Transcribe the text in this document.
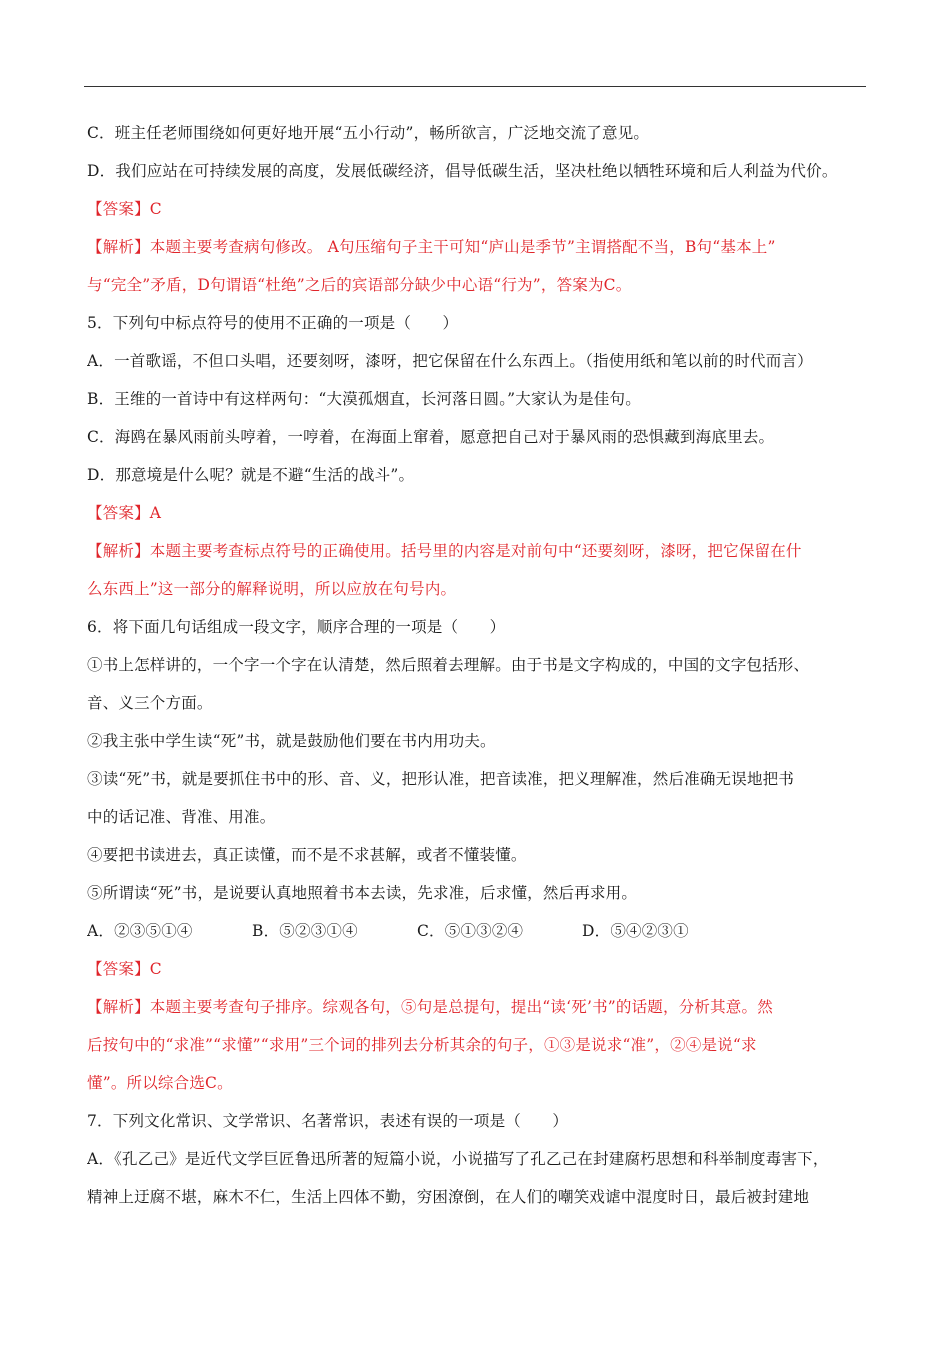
C．班主任老师围绕如何更好地开展“五小行动”，畅所欲言，广泛地交流了意见。
D．我们应站在可持续发展的高度，发展低碳经济，倡导低碳生活，坚决杜绝以牺牲环境和后人利益为代价。
【答案】C
【解析】本题主要考查病句修改。 A句压缩句子主干可知“庐山是季节”主谓搭配不当，B句“基本上”
与“完全”矛盾，D句谓语“杜绝”之后的宾语部分缺少中心语“行为”，答案为C。
5．下列句中标点符号的使用不正确的一项是（　　）
A．一首歌谣，不但口头唱，还要刻呀，漆呀，把它保留在什么东西上。（指使用纸和笔以前的时代而言）
B．王维的一首诗中有这样两句：“大漠孤烟直，长河落日圆。”大家认为是佳句。
C．海鸥在暴风雨前头哼着，一哼着，在海面上窜着，愿意把自己对于暴风雨的恐惧藏到海底里去。
D．那意境是什么呢？就是不避“生活的战斗”。
【答案】A
【解析】本题主要考查标点符号的正确使用。括号里的内容是对前句中“还要刻呀，漆呀，把它保留在什
么东西上”这一部分的解释说明，所以应放在句号内。
6．将下面几句话组成一段文字，顺序合理的一项是（　　）
①书上怎样讲的，一个字一个字在认清楚，然后照着去理解。由于书是文字构成的，中国的文字包括形、
音、义三个方面。
②我主张中学生读“死”书，就是鼓励他们要在书内用功夫。
③读“死”书，就是要抓住书中的形、音、义，把形认准，把音读准，把义理解准，然后准确无误地把书
中的话记准、背准、用准。
④要把书读进去，真正读懂，而不是不求甚解，或者不懂装懂。
⑤所谓读“死”书，是说要认真地照着书本去读，先求准，后求懂，然后再求用。
A．②③⑤①④	B．⑤②③①④	C．⑤①③②④	D．⑤④②③①
【答案】C
【解析】本题主要考查句子排序。综观各句，⑤句是总提句，提出“读‘死’书”的话题，分析其意。然
后按句中的“求准”“求懂”“求用”三个词的排列去分析其余的句子，①③是说求“准”，②④是说“求
懂”。所以综合选C。
7．下列文化常识、文学常识、名著常识，表述有误的一项是（　　）
A．《孔乙己》是近代文学巨匠鲁迅所著的短篇小说，小说描写了孔乙己在封建腐朽思想和科举制度毒害下，
精神上迂腐不堪，麻木不仁，生活上四体不勤，穷困潦倒，在人们的嘲笑戏谑中混度时日，最后被封建地
